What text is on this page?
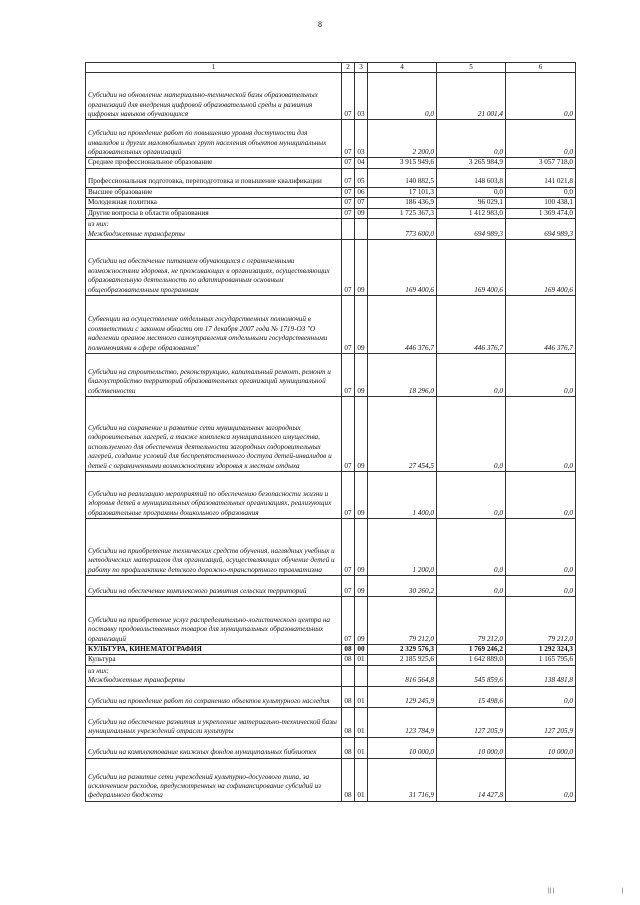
8
1	2	3	4	5	6
Субсидии на обновление материально-технической базы образовательных организаций для внедрения цифровой образовательной среды и развития цифровых навыков обучающихся	07	03	0,0	21 001,4	0,0
Субсидии на проведение работ по повышению уровня доступности для инвалидов и других маломобильных групп населения объектов муниципальных образовательных организаций	07	03	2 200,0	0,0	0,0
Среднее профессиональное образование	07	04	3 915 949,6	3 265 984,9	3 057 718,0
Профессиональная подготовка, переподготовка и повышение квалификации	07	05	140 882,5	148 603,8	141 021,8
Высшее образование	07	06	17 101,3	0,0	0,0
Молодежная политика	07	07	186 436,9	96 029,1	100 438,1
Другие вопросы в области образования	07	09	1 725 367,3	1 412 983,0	1 369 474,0
из них:
Межбюджетные трансферты			773 600,0	694 989,3	694 989,3
Субсидии на обеспечение питанием обучающихся с ограниченными возможностями здоровья, не проживающих в организациях, осуществляющих образовательную деятельность по адаптированным основным общеобразовательным программам	07	09	169 400,6	169 400,6	169 400,6
Субвенции на осуществление отдельных государственных полномочий в соответствии с законом области от 17 декабря 2007 года № 1719-ОЗ "О наделении органов местного самоуправления отдельными государственными полномочиями в сфере образования"	07	09	446 376,7	446 376,7	446 376,7
Субсидии на строительство, реконструкцию, капитальный ремонт, ремонт и благоустройство территорий образовательных организаций муниципальной собственности	07	09	18 296,0	0,0	0,0
Субсидии на сохранение и развитие сети муниципальных загородных оздоровительных лагерей, а также комплекса муниципального имущества, используемого для обеспечения деятельности загородных оздоровительных лагерей, создание условий для беспрепятственного доступа детей-инвалидов и детей с ограниченными возможностями здоровья к местам отдыха	07	09	27 454,5	0,0	0,0
Субсидии на реализацию мероприятий по обеспечению безопасности жизни и здоровья детей в муниципальных образовательных организациях, реализующих образовательные программы дошкольного образования	07	09	1 400,0	0,0	0,0
Субсидии на приобретение технических средств обучения, наглядных учебных и методических материалов для организаций, осуществляющих обучение детей и работу по профилактике детского дорожно-транспортного травматизма	07	09	1 200,0	0,0	0,0
Субсидии на обеспечение комплексного развития сельских территорий	07	09	30 260,2	0,0	0,0
Субсидии на приобретение услуг распределительно-логистического центра на поставку продовольственных товаров для муниципальных образовательных организаций	07	09	79 212,0	79 212,0	79 212,0
КУЛЬТУРА, КИНЕМАТОГРАФИЯ	08	00	2 329 576,3	1 769 246,2	1 292 324,3
Культура	08	01	2 185 925,6	1 642 889,0	1 165 795,6
из них:
Межбюджетные трансферты			816 564,8	545 859,6	138 481,8
Субсидии на проведение работ по сохранению объектов культурного наследия	08	01	129 245,9	15 498,6	0,0
Субсидии на обеспечение развития и укрепление материально-технической базы муниципальных учреждений отрасли культуры	08	01	123 784,9	127 205,9	127 205,9
Субсидии на комплектование книжных фондов муниципальных библиотек	08	01	10 000,0	10 000,0	10 000,0
Субсидии на развитие сети учреждений культурно-досугового типа, за исключением расходов, предусмотренных на софинансирование субсидий из федерального бюджета	08	01	31 716,9	14 427,8	0,0
|| |	|
